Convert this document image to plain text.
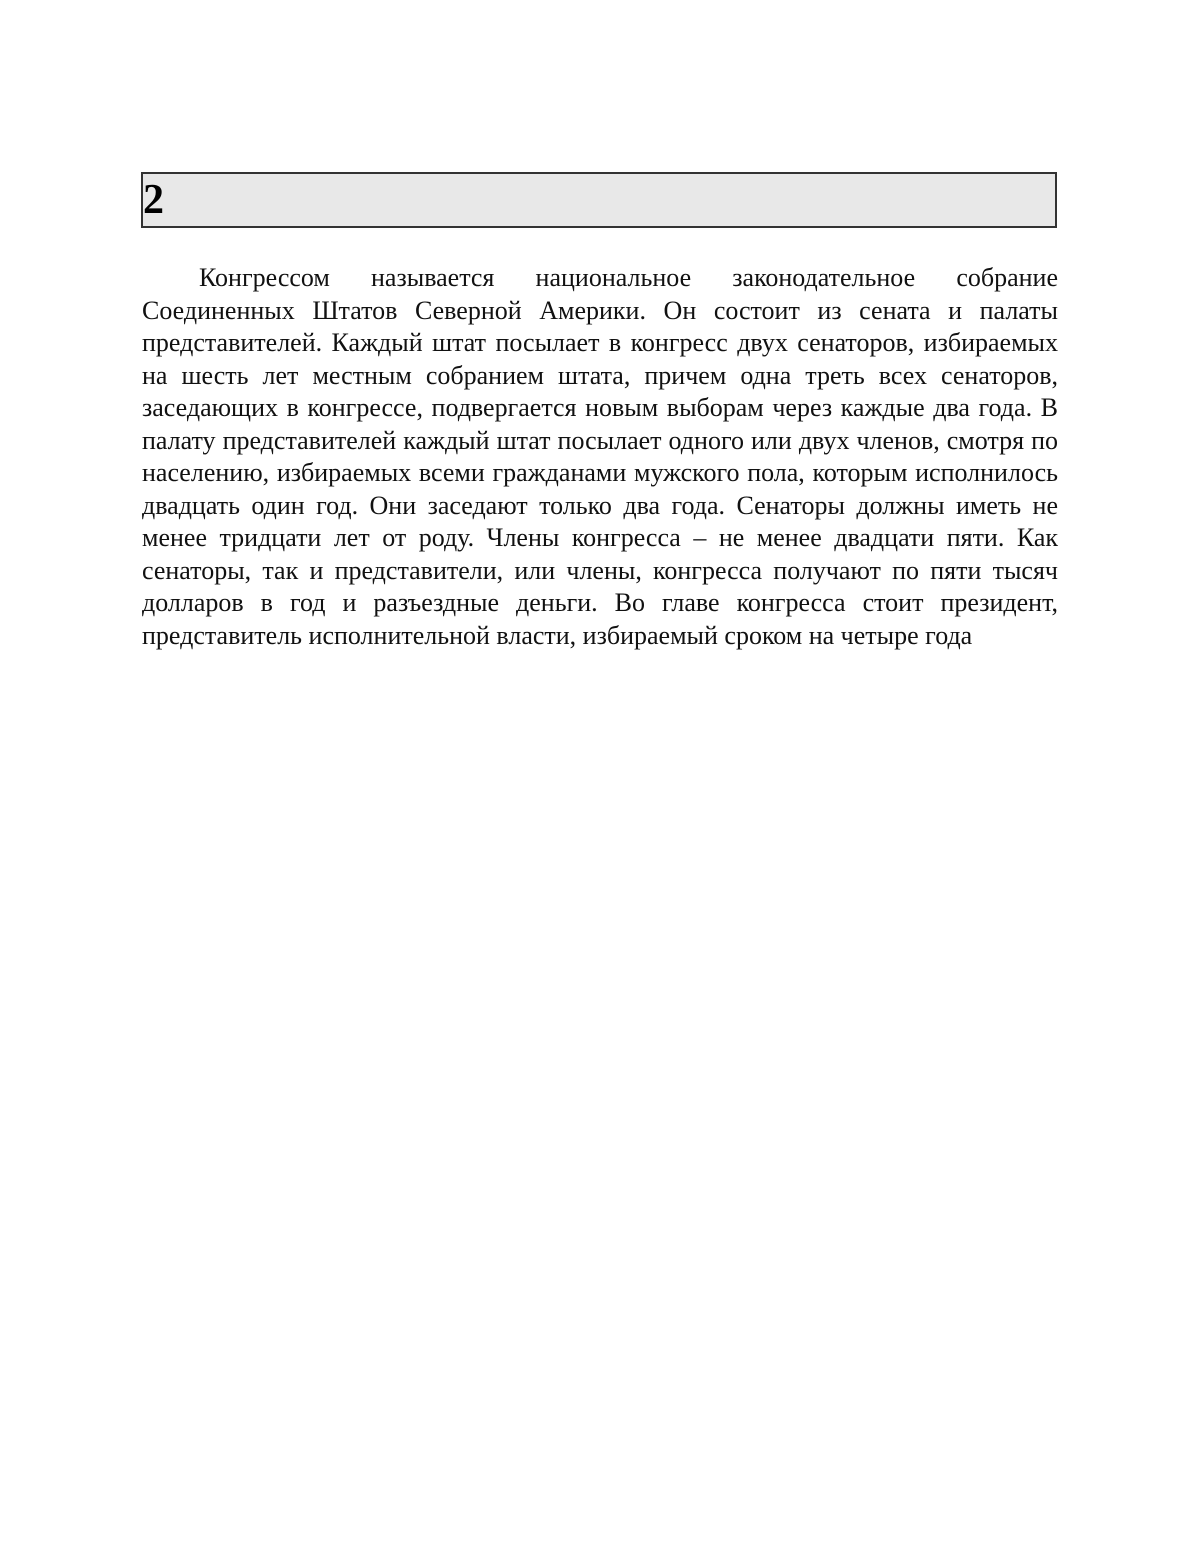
2

Конгрессом называется национальное законодательное собрание Соединенных Штатов Северной Америки. Он состоит из сената и палаты представителей. Каждый штат посылает в конгресс двух сенаторов, избираемых на шесть лет местным собранием штата, причем одна треть всех сенаторов, заседающих в конгрессе, подвергается новым выборам через каждые два года. В палату представителей каждый штат посылает одного или двух членов, смотря по населению, избираемых всеми гражданами мужского пола, которым исполнилось двадцать один год. Они заседают только два года. Сенаторы должны иметь не менее тридцати лет от роду. Члены конгресса – не менее двадцати пяти. Как сенаторы, так и представители, или члены, конгресса получают по пяти тысяч долларов в год и разъездные деньги. Во главе конгресса стоит президент, представитель исполнительной власти, избираемый сроком на четыре года
